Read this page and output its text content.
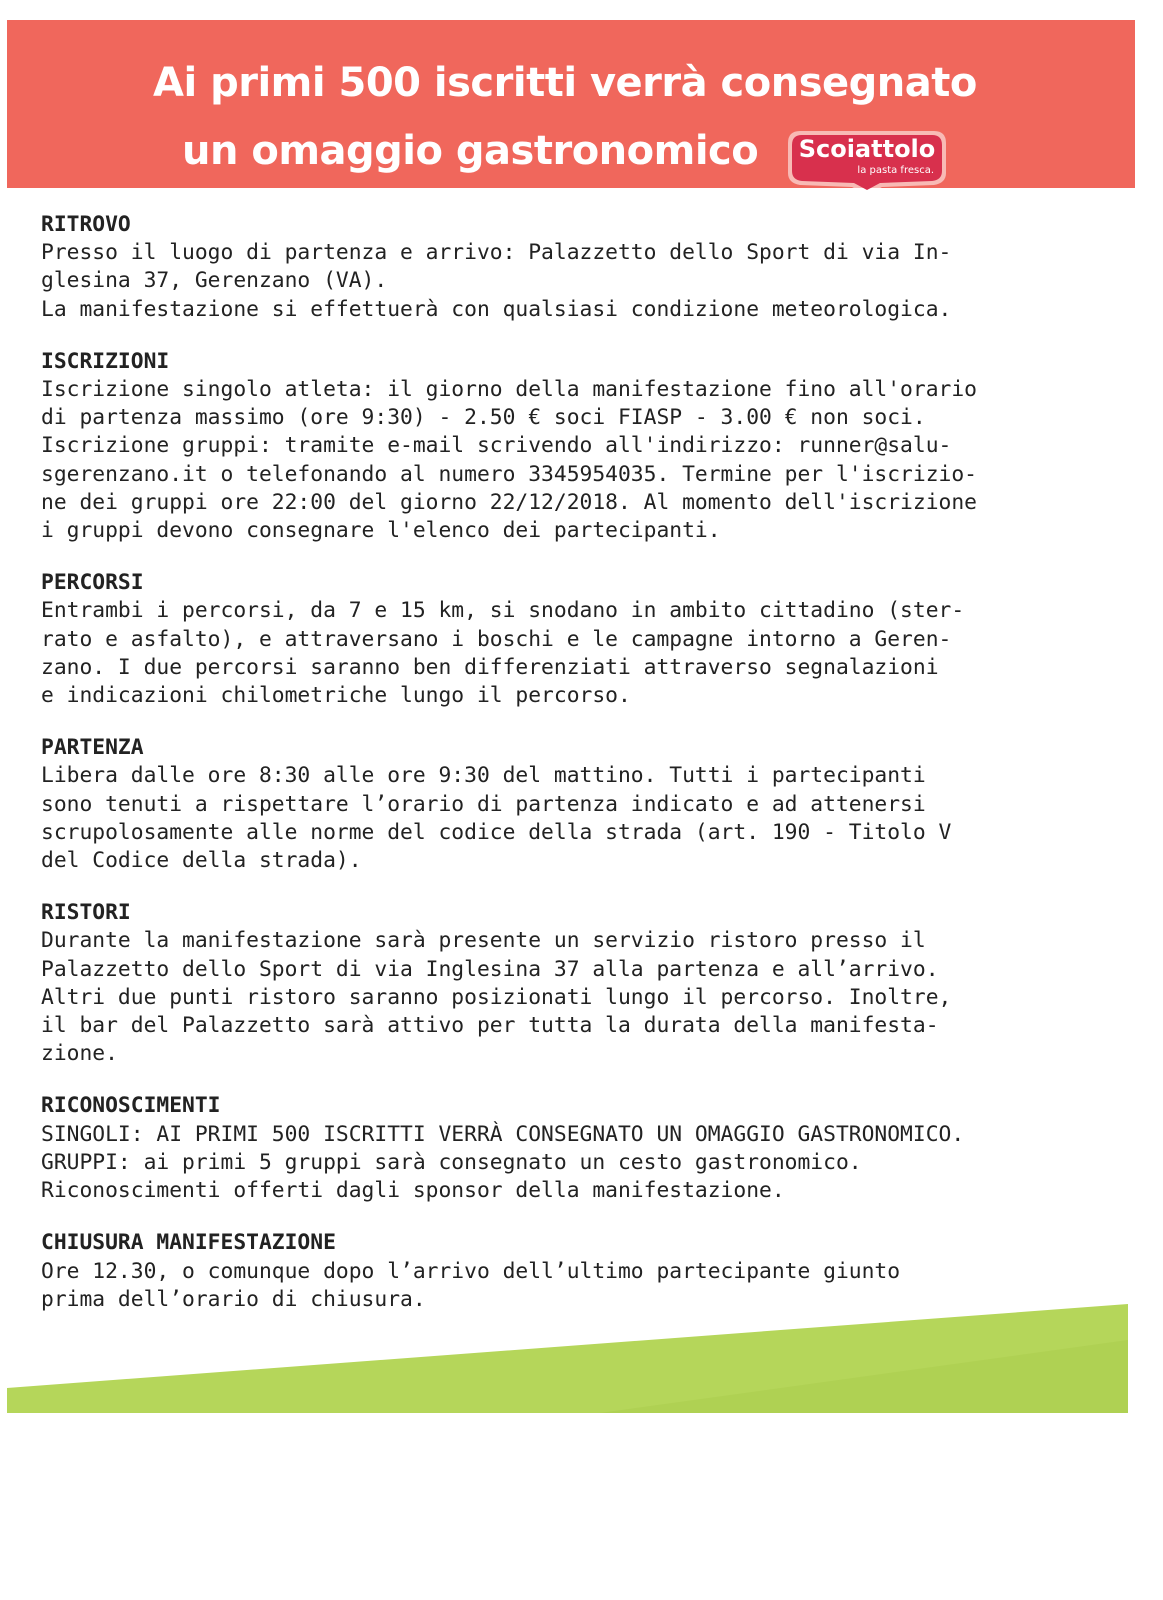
Ai primi 500 iscritti verrà consegnato
un omaggio gastronomico	Scoiattolo
la pasta fresca.
RITROVO
Presso il luogo di partenza e arrivo: Palazzetto dello Sport di via In-
glesina 37, Gerenzano (VA).
La manifestazione si effettuerà con qualsiasi condizione meteorologica.
ISCRIZIONI
Iscrizione singolo atleta: il giorno della manifestazione fino all'orario
di partenza massimo (ore 9:30) - 2.50 € soci FIASP - 3.00 € non soci.
Iscrizione gruppi: tramite e-mail scrivendo all'indirizzo: runner@salu-
sgerenzano.it o telefonando al numero 3345954035. Termine per l'iscrizio-
ne dei gruppi ore 22:00 del giorno 22/12/2018. Al momento dell'iscrizione
i gruppi devono consegnare l'elenco dei partecipanti.
PERCORSI
Entrambi i percorsi, da 7 e 15 km, si snodano in ambito cittadino (ster-
rato e asfalto), e attraversano i boschi e le campagne intorno a Geren-
zano. I due percorsi saranno ben differenziati attraverso segnalazioni
e indicazioni chilometriche lungo il percorso.
PARTENZA
Libera dalle ore 8:30 alle ore 9:30 del mattino. Tutti i partecipanti
sono tenuti a rispettare l’orario di partenza indicato e ad attenersi
scrupolosamente alle norme del codice della strada (art. 190 - Titolo V
del Codice della strada).
RISTORI
Durante la manifestazione sarà presente un servizio ristoro presso il
Palazzetto dello Sport di via Inglesina 37 alla partenza e all’arrivo.
Altri due punti ristoro saranno posizionati lungo il percorso. Inoltre,
il bar del Palazzetto sarà attivo per tutta la durata della manifesta-
zione.
RICONOSCIMENTI
SINGOLI: AI PRIMI 500 ISCRITTI VERRÀ CONSEGNATO UN OMAGGIO GASTRONOMICO.
GRUPPI: ai primi 5 gruppi sarà consegnato un cesto gastronomico.
Riconoscimenti offerti dagli sponsor della manifestazione.
CHIUSURA MANIFESTAZIONE
Ore 12.30, o comunque dopo l’arrivo dell’ultimo partecipante giunto
prima dell’orario di chiusura.
